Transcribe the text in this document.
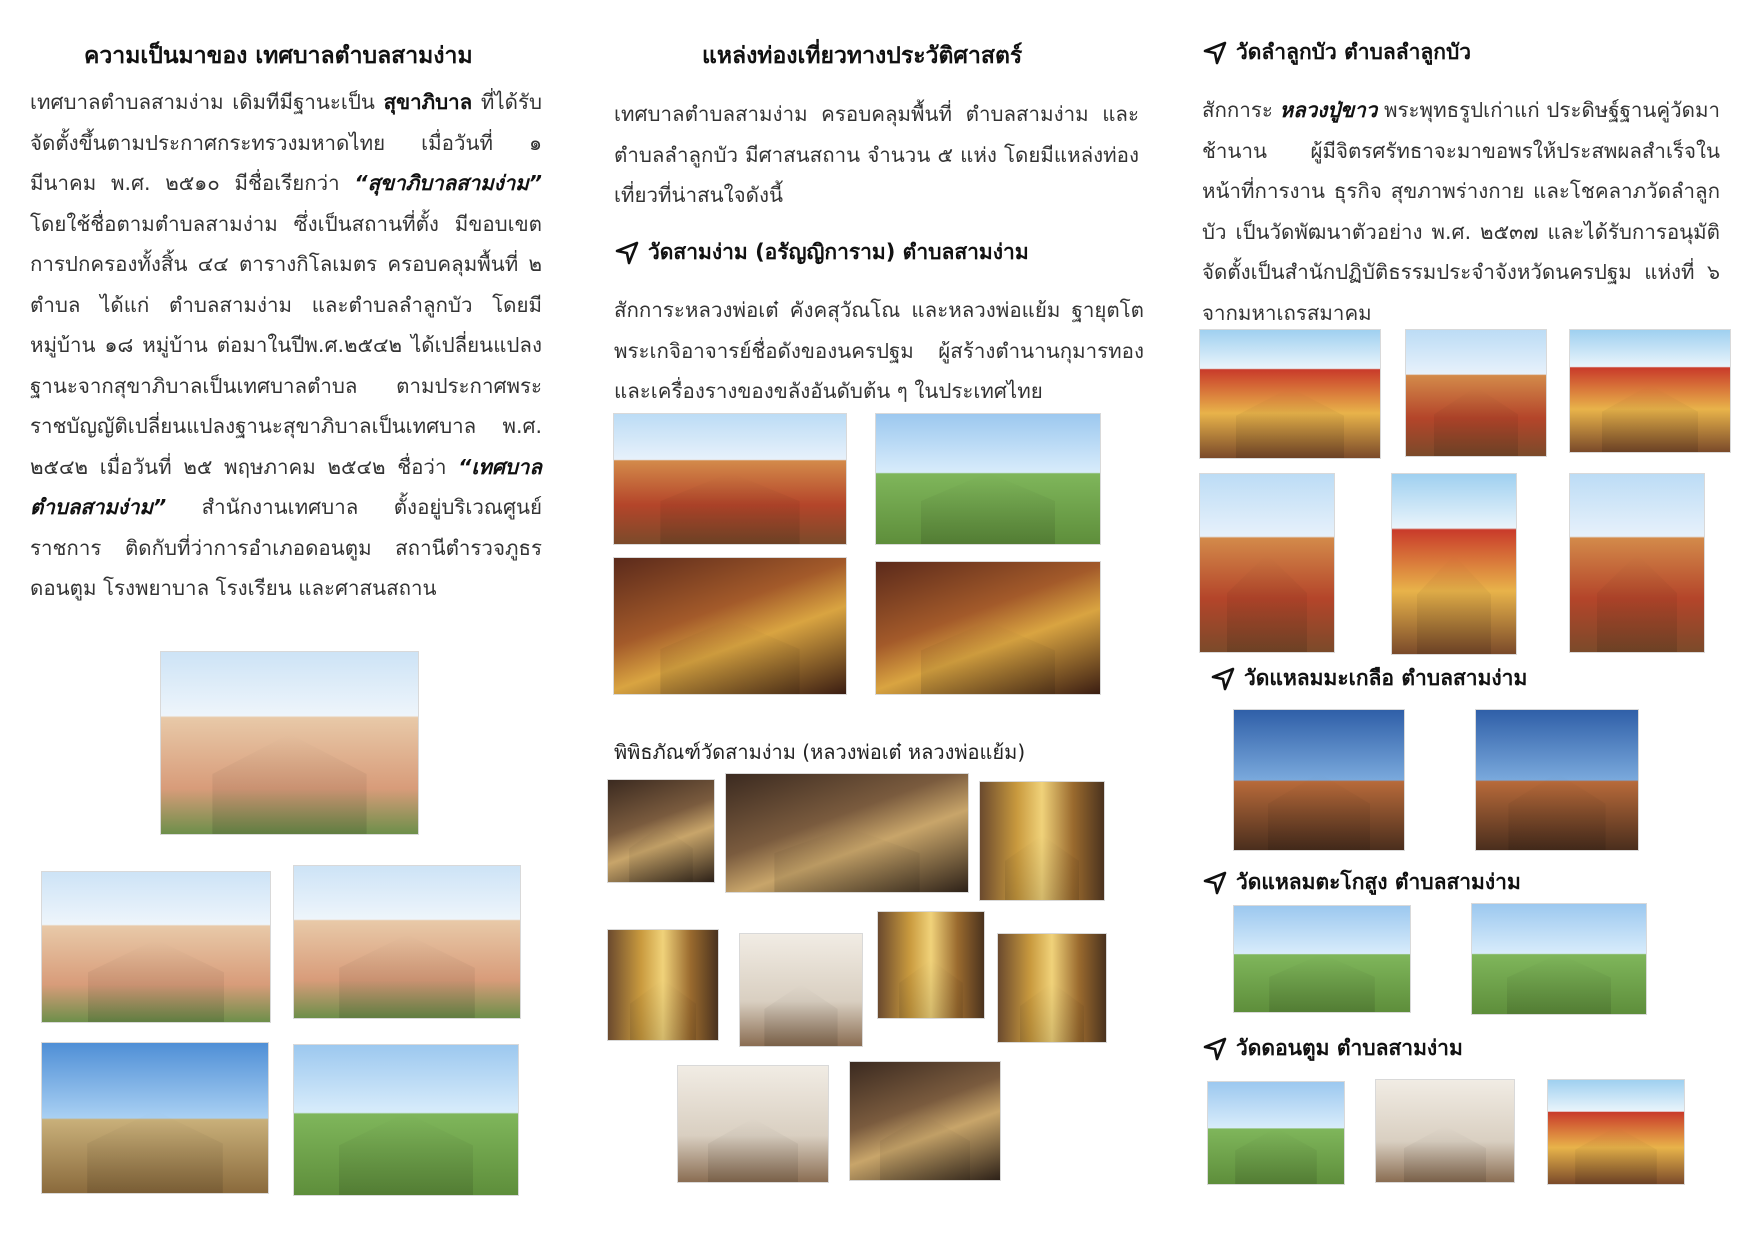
ความเป็นมาของ เทศบาลตำบลสามง่าม
เทศบาลตำบลสามง่าม เดิมทีมีฐานะเป็น สุขาภิบาล ที่ได้รับจัดตั้งขึ้นตามประกาศกระทรวงมหาดไทย เมื่อวันที่ ๑ มีนาคม พ.ศ. ๒๕๑๐ มีชื่อเรียกว่า “สุขาภิบาลสามง่าม” โดยใช้ชื่อตามตำบลสามง่าม ซึ่งเป็นสถานที่ตั้ง มีขอบเขตการปกครองทั้งสิ้น ๔๔ ตารางกิโลเมตร ครอบคลุมพื้นที่ ๒ ตำบล ได้แก่ ตำบลสามง่าม และตำบลลำลูกบัว โดยมีหมู่บ้าน ๑๘ หมู่บ้าน ต่อมาในปีพ.ศ.๒๕๔๒ ได้เปลี่ยนแปลงฐานะจากสุขาภิบาลเป็นเทศบาลตำบล ตามประกาศพระราชบัญญัติเปลี่ยนแปลงฐานะสุขาภิบาลเป็นเทศบาล พ.ศ. ๒๕๔๒ เมื่อวันที่ ๒๕ พฤษภาคม ๒๕๔๒ ชื่อว่า “เทศบาลตำบลสามง่าม” สำนักงานเทศบาล ตั้งอยู่บริเวณศูนย์ราชการ ติดกับที่ว่าการอำเภอดอนตูม สถานีตำรวจภูธรดอนตูม โรงพยาบาล โรงเรียน และศาสนสถาน
แหล่งท่องเที่ยวทางประวัติศาสตร์
เทศบาลตำบลสามง่าม ครอบคลุมพื้นที่ ตำบลสามง่าม และตำบลลำลูกบัว มีศาสนสถาน จำนวน ๕ แห่ง โดยมีแหล่งท่องเที่ยวที่น่าสนใจดังนี้
วัดสามง่าม (อรัญญิการาม) ตำบลสามง่าม
สักการะหลวงพ่อเต๋ คังคสุวัณโณ และหลวงพ่อแย้ม ฐายุตโตพระเกจิอาจารย์ชื่อดังของนครปฐม ผู้สร้างตำนานกุมารทองและเครื่องรางของขลังอันดับต้น ๆ ในประเทศไทย
พิพิธภัณฑ์วัดสามง่าม (หลวงพ่อเต๋ หลวงพ่อแย้ม)
วัดลำลูกบัว ตำบลลำลูกบัว
สักการะ หลวงปู่ขาว พระพุทธรูปเก่าแก่ ประดิษฐ์ฐานคู่วัดมาช้านาน ผู้มีจิตรศรัทธาจะมาขอพรให้ประสพผลสำเร็จในหน้าที่การงาน ธุรกิจ สุขภาพร่างกาย และโชคลาภวัดลำลูกบัว เป็นวัดพัฒนาตัวอย่าง พ.ศ. ๒๕๓๗ และได้รับการอนุมัติจัดตั้งเป็นสำนักปฏิบัติธรรมประจำจังหวัดนครปฐม แห่งที่ ๖ จากมหาเถรสมาคม
วัดแหลมมะเกลือ ตำบลสามง่าม
วัดแหลมตะโกสูง ตำบลสามง่าม
วัดดอนตูม ตำบลสามง่าม
